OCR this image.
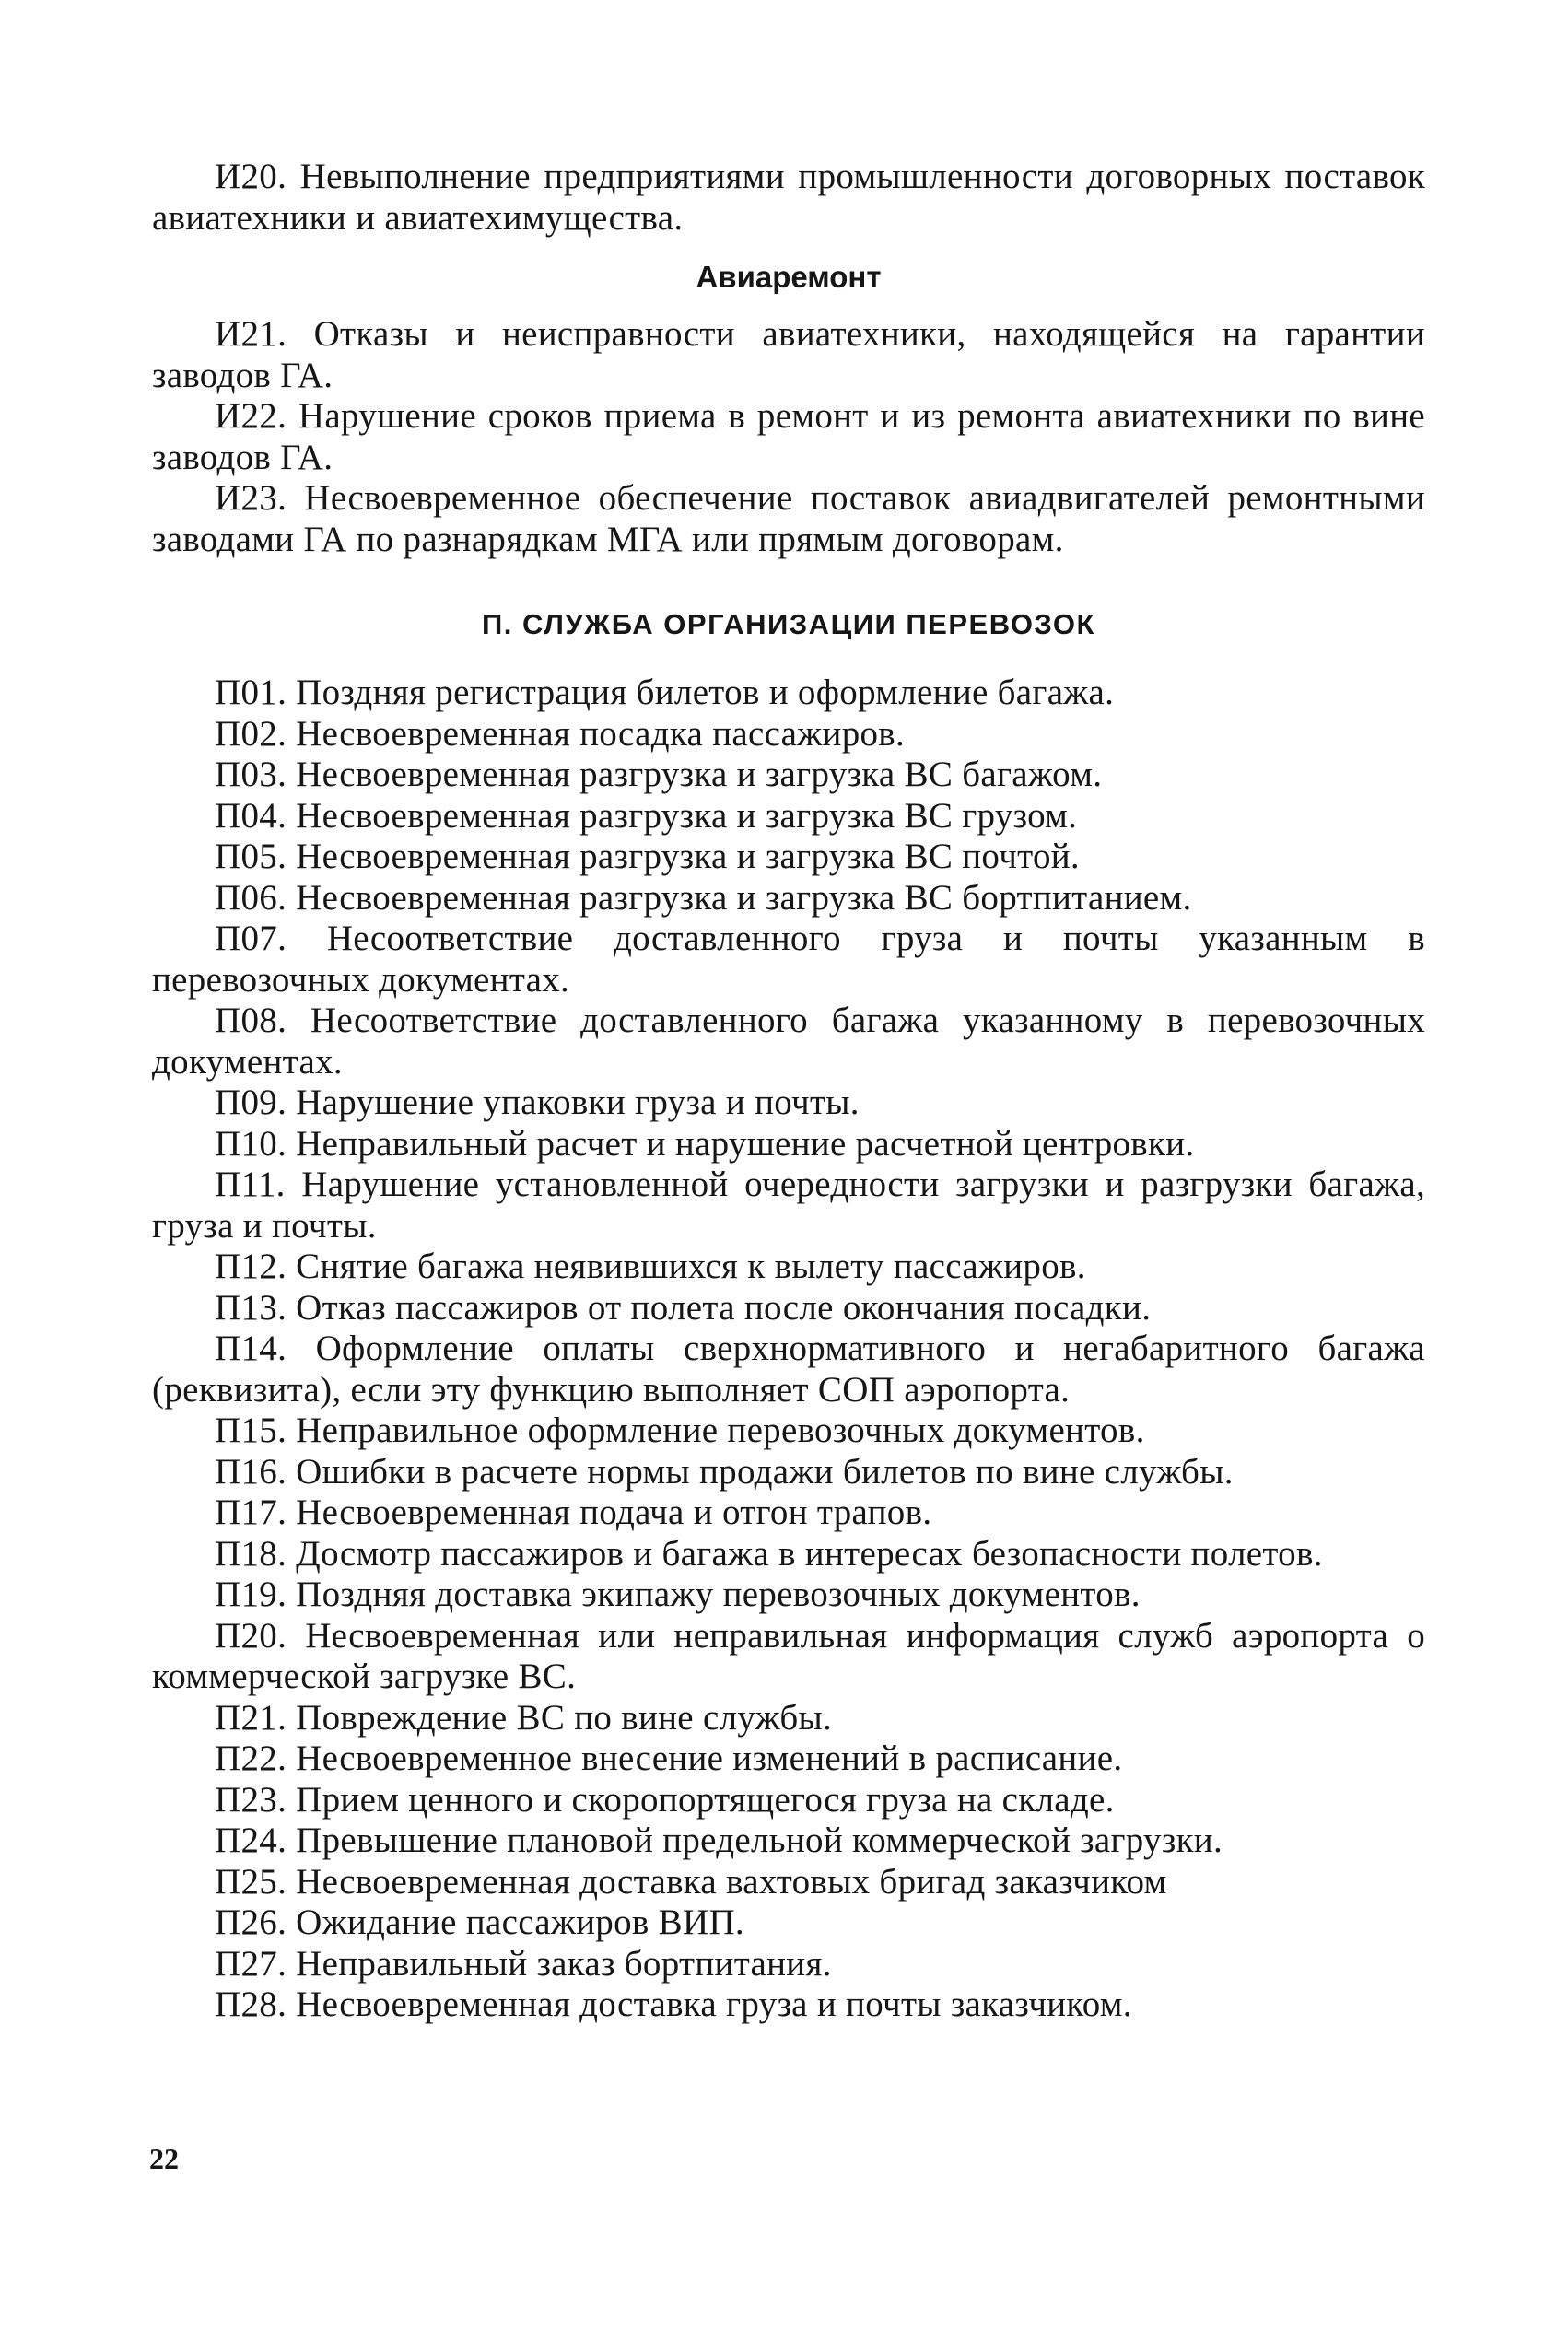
И20. Невыполнение предприятиями промышленности договорных поставок авиатехники и авиатехимущества.

Авиаремонт

И21. Отказы и неисправности авиатехники, находящейся на гарантии заводов ГА.

И22. Нарушение сроков приема в ремонт и из ремонта авиатехники по вине заводов ГА.

И23. Несвоевременное обеспечение поставок авиадвигателей ремонтными заводами ГА по разнарядкам МГА или прямым договорам.

П. СЛУЖБА ОРГАНИЗАЦИИ ПЕРЕВОЗОК

П01. Поздняя регистрация билетов и оформление багажа.

П02. Несвоевременная посадка пассажиров.

П03. Несвоевременная разгрузка и загрузка ВС багажом.

П04. Несвоевременная разгрузка и загрузка ВС грузом.

П05. Несвоевременная разгрузка и загрузка ВС почтой.

П06. Несвоевременная разгрузка и загрузка ВС бортпитанием.

П07. Несоответствие доставленного груза и почты указанным в перевозочных документах.

П08. Несоответствие доставленного багажа указанному в перевозочных документах.

П09. Нарушение упаковки груза и почты.

П10. Неправильный расчет и нарушение расчетной центровки.

П11. Нарушение установленной очередности загрузки и разгрузки багажа, груза и почты.

П12. Снятие багажа неявившихся к вылету пассажиров.

П13. Отказ пассажиров от полета после окончания посадки.

П14. Оформление оплаты сверхнормативного и негабаритного багажа (реквизита), если эту функцию выполняет СОП аэропорта.

П15. Неправильное оформление перевозочных документов.

П16. Ошибки в расчете нормы продажи билетов по вине службы.

П17. Несвоевременная подача и отгон трапов.

П18. Досмотр пассажиров и багажа в интересах безопасности полетов.

П19. Поздняя доставка экипажу перевозочных документов.

П20. Несвоевременная или неправильная информация служб аэропорта о коммерческой загрузке ВС.

П21. Повреждение ВС по вине службы.

П22. Несвоевременное внесение изменений в расписание.

П23. Прием ценного и скоропортящегося груза на складе.

П24. Превышение плановой предельной коммерческой загрузки.

П25. Несвоевременная доставка вахтовых бригад заказчиком

П26. Ожидание пассажиров ВИП.

П27. Неправильный заказ бортпитания.

П28. Несвоевременная доставка груза и почты заказчиком.

22
